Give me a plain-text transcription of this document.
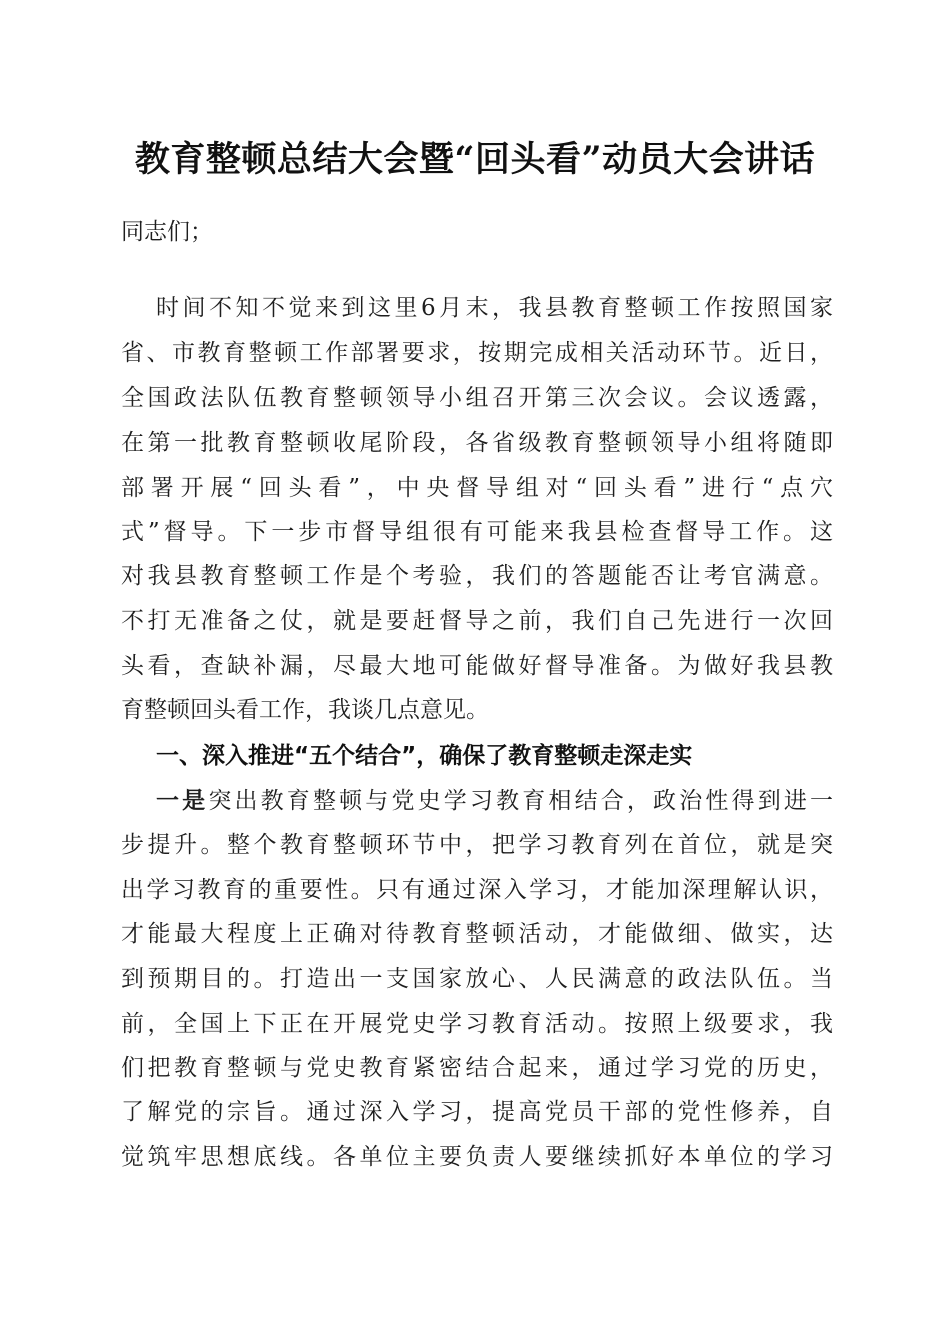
教育整顿总结大会暨“回头看”动员大会讲话
同志们；
时间不知不觉来到这里6月末，我县教育整顿工作按照国家
省、市教育整顿工作部署要求，按期完成相关活动环节。近日，
全国政法队伍教育整顿领导小组召开第三次会议。会议透露，
在第一批教育整顿收尾阶段，各省级教育整顿领导小组将随即
部署开展“回头看”，中央督导组对“回头看”进行“点穴
式”督导。下一步市督导组很有可能来我县检查督导工作。这
对我县教育整顿工作是个考验，我们的答题能否让考官满意。
不打无准备之仗，就是要赶督导之前，我们自己先进行一次回
头看，查缺补漏，尽最大地可能做好督导准备。为做好我县教
育整顿回头看工作，我谈几点意见。
一、深入推进“五个结合”，确保了教育整顿走深走实
一是突出教育整顿与党史学习教育相结合，政治性得到进一
步提升。整个教育整顿环节中，把学习教育列在首位，就是突
出学习教育的重要性。只有通过深入学习，才能加深理解认识，
才能最大程度上正确对待教育整顿活动，才能做细、做实，达
到预期目的。打造出一支国家放心、人民满意的政法队伍。当
前，全国上下正在开展党史学习教育活动。按照上级要求，我
们把教育整顿与党史教育紧密结合起来，通过学习党的历史，
了解党的宗旨。通过深入学习，提高党员干部的党性修养，自
觉筑牢思想底线。各单位主要负责人要继续抓好本单位的学习
